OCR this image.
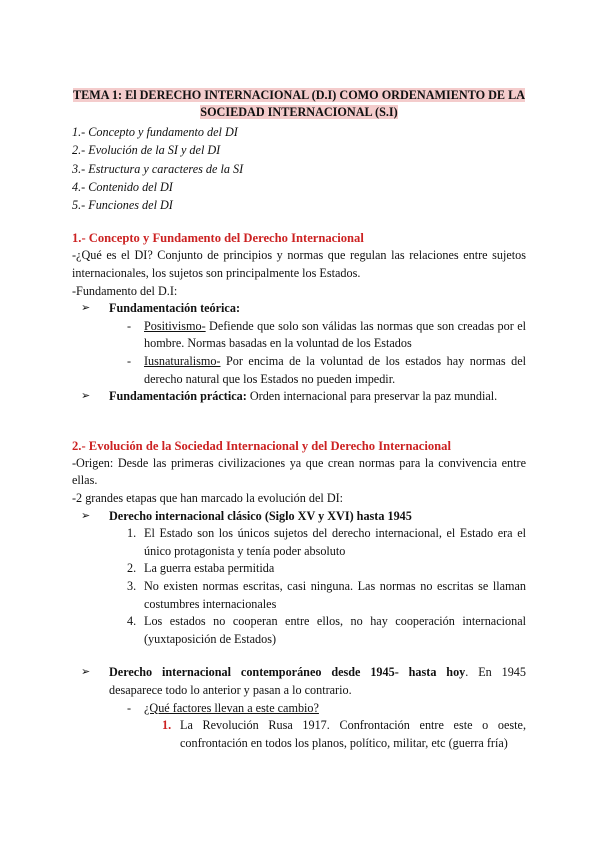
TEMA 1: El DERECHO INTERNACIONAL (D.I) COMO ORDENAMIENTO DE LA
SOCIEDAD INTERNACIONAL (S.I)
1.- Concepto y fundamento del DI
2.- Evolución de la SI y del DI
3.- Estructura y caracteres de la SI
4.- Contenido del DI
5.- Funciones del DI
1.- Concepto y Fundamento del Derecho Internacional

-¿Qué es el DI? Conjunto de principios y normas que regulan las relaciones entre sujetos internacionales, los sujetos son principalmente los Estados.

-Fundamento del D.I:

➢ Fundamentación teórica:
- Positivismo- Defiende que solo son válidas las normas que son creadas por el hombre. Normas basadas en la voluntad de los Estados
- Iusnaturalismo- Por encima de la voluntad de los estados hay normas del derecho natural que los Estados no pueden impedir.
➢ Fundamentación práctica: Orden internacional para preservar la paz mundial.
2.- Evolución de la Sociedad Internacional y del Derecho Internacional

-Origen: Desde las primeras civilizaciones ya que crean normas para la convivencia entre ellas.

-2 grandes etapas que han marcado la evolución del DI:

➢ Derecho internacional clásico (Siglo XV y XVI) hasta 1945
1. El Estado son los únicos sujetos del derecho internacional, el Estado era el único protagonista y tenía poder absoluto
2. La guerra estaba permitida
3. No existen normas escritas, casi ninguna. Las normas no escritas se llaman costumbres internacionales
4. Los estados no cooperan entre ellos, no hay cooperación internacional (yuxtaposición de Estados)
➢ Derecho internacional contemporáneo desde 1945- hasta hoy. En 1945 desaparece todo lo anterior y pasan a lo contrario.
- ¿Qué factores llevan a este cambio?
1. La Revolución Rusa 1917. Confrontación entre este o oeste, confrontación en todos los planos, político, militar, etc (guerra fría)
